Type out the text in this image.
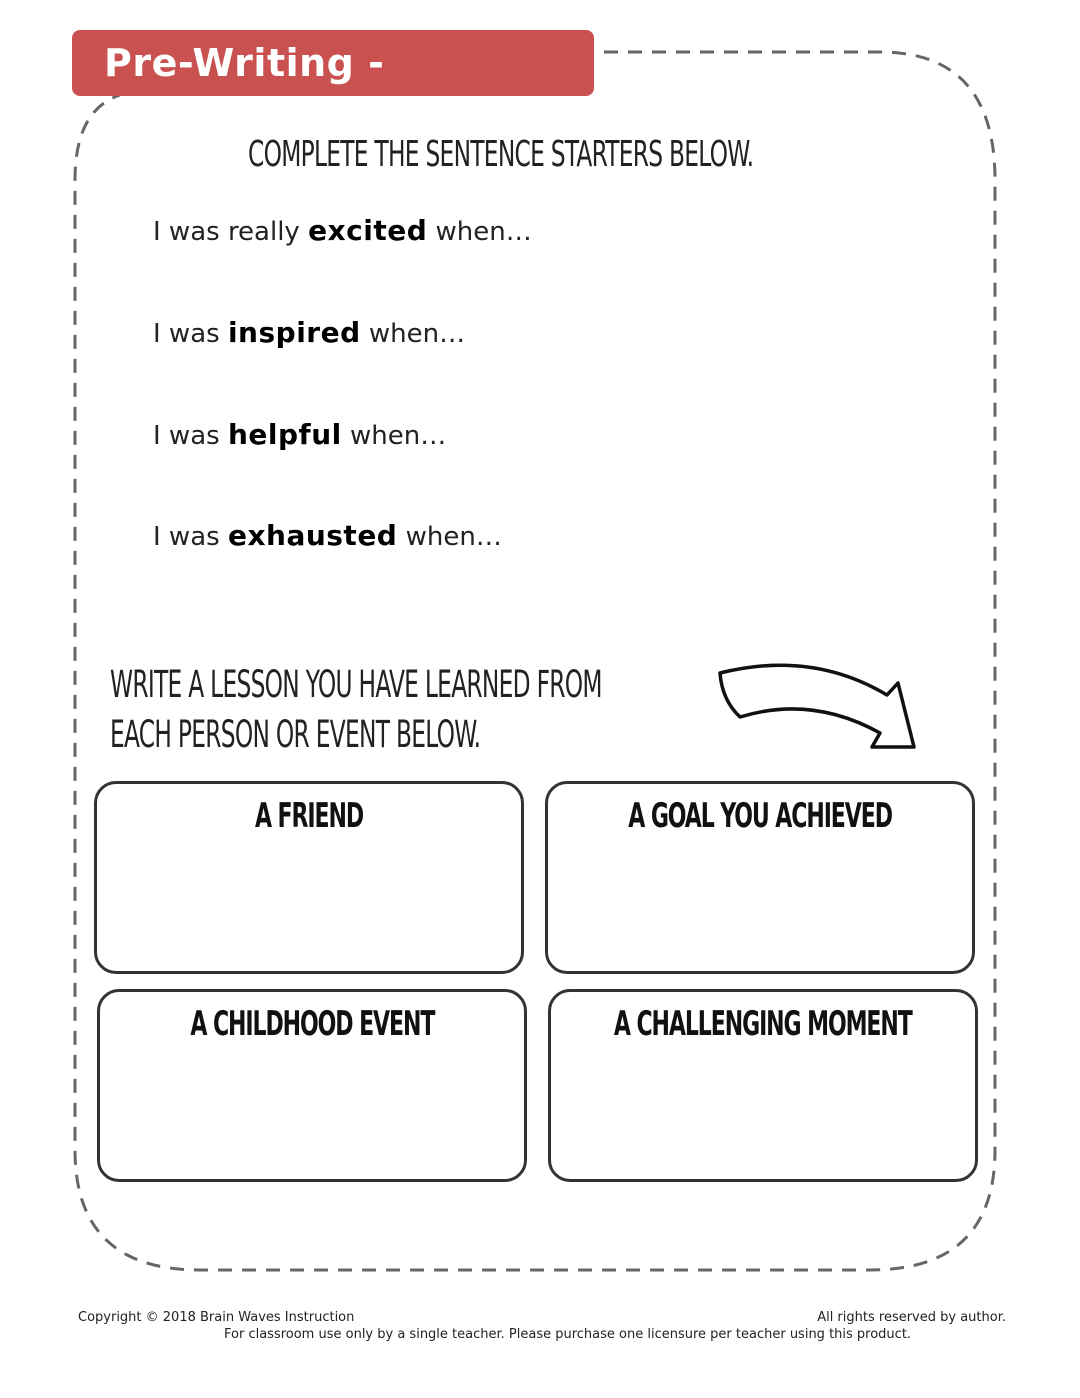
Pre-Writing - Brainstorm
COMPLETE THE SENTENCE STARTERS BELOW.
I was really excited when…
I was inspired when…
I was helpful when…
I was exhausted when…
WRITE A LESSON YOU HAVE LEARNED FROM
EACH PERSON OR EVENT BELOW.
A FRIEND	A GOAL YOU ACHIEVED
A CHILDHOOD EVENT	A CHALLENGING MOMENT
Copyright © 2018 Brain Waves Instruction	All rights reserved by author.
For classroom use only by a single teacher. Please purchase one licensure per teacher using this product.
